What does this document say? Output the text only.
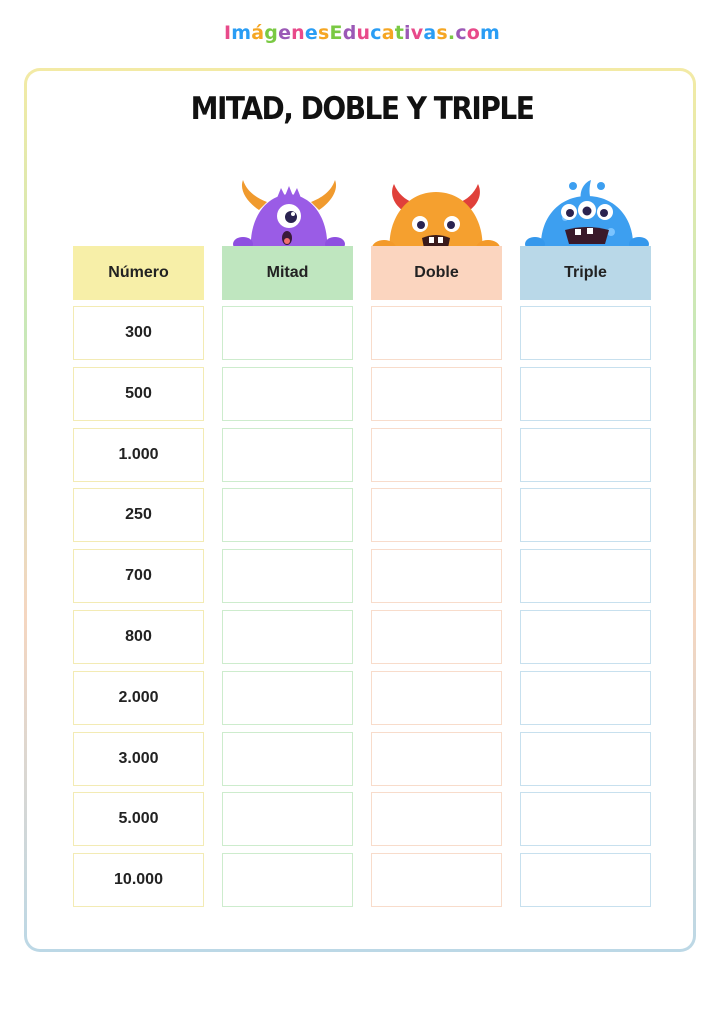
ImágenesEducativas.com
MITAD, DOBLE Y TRIPLE
Número	Mitad	Doble	Triple
300
500
1.000
250
700
800
2.000
3.000
5.000
10.000
